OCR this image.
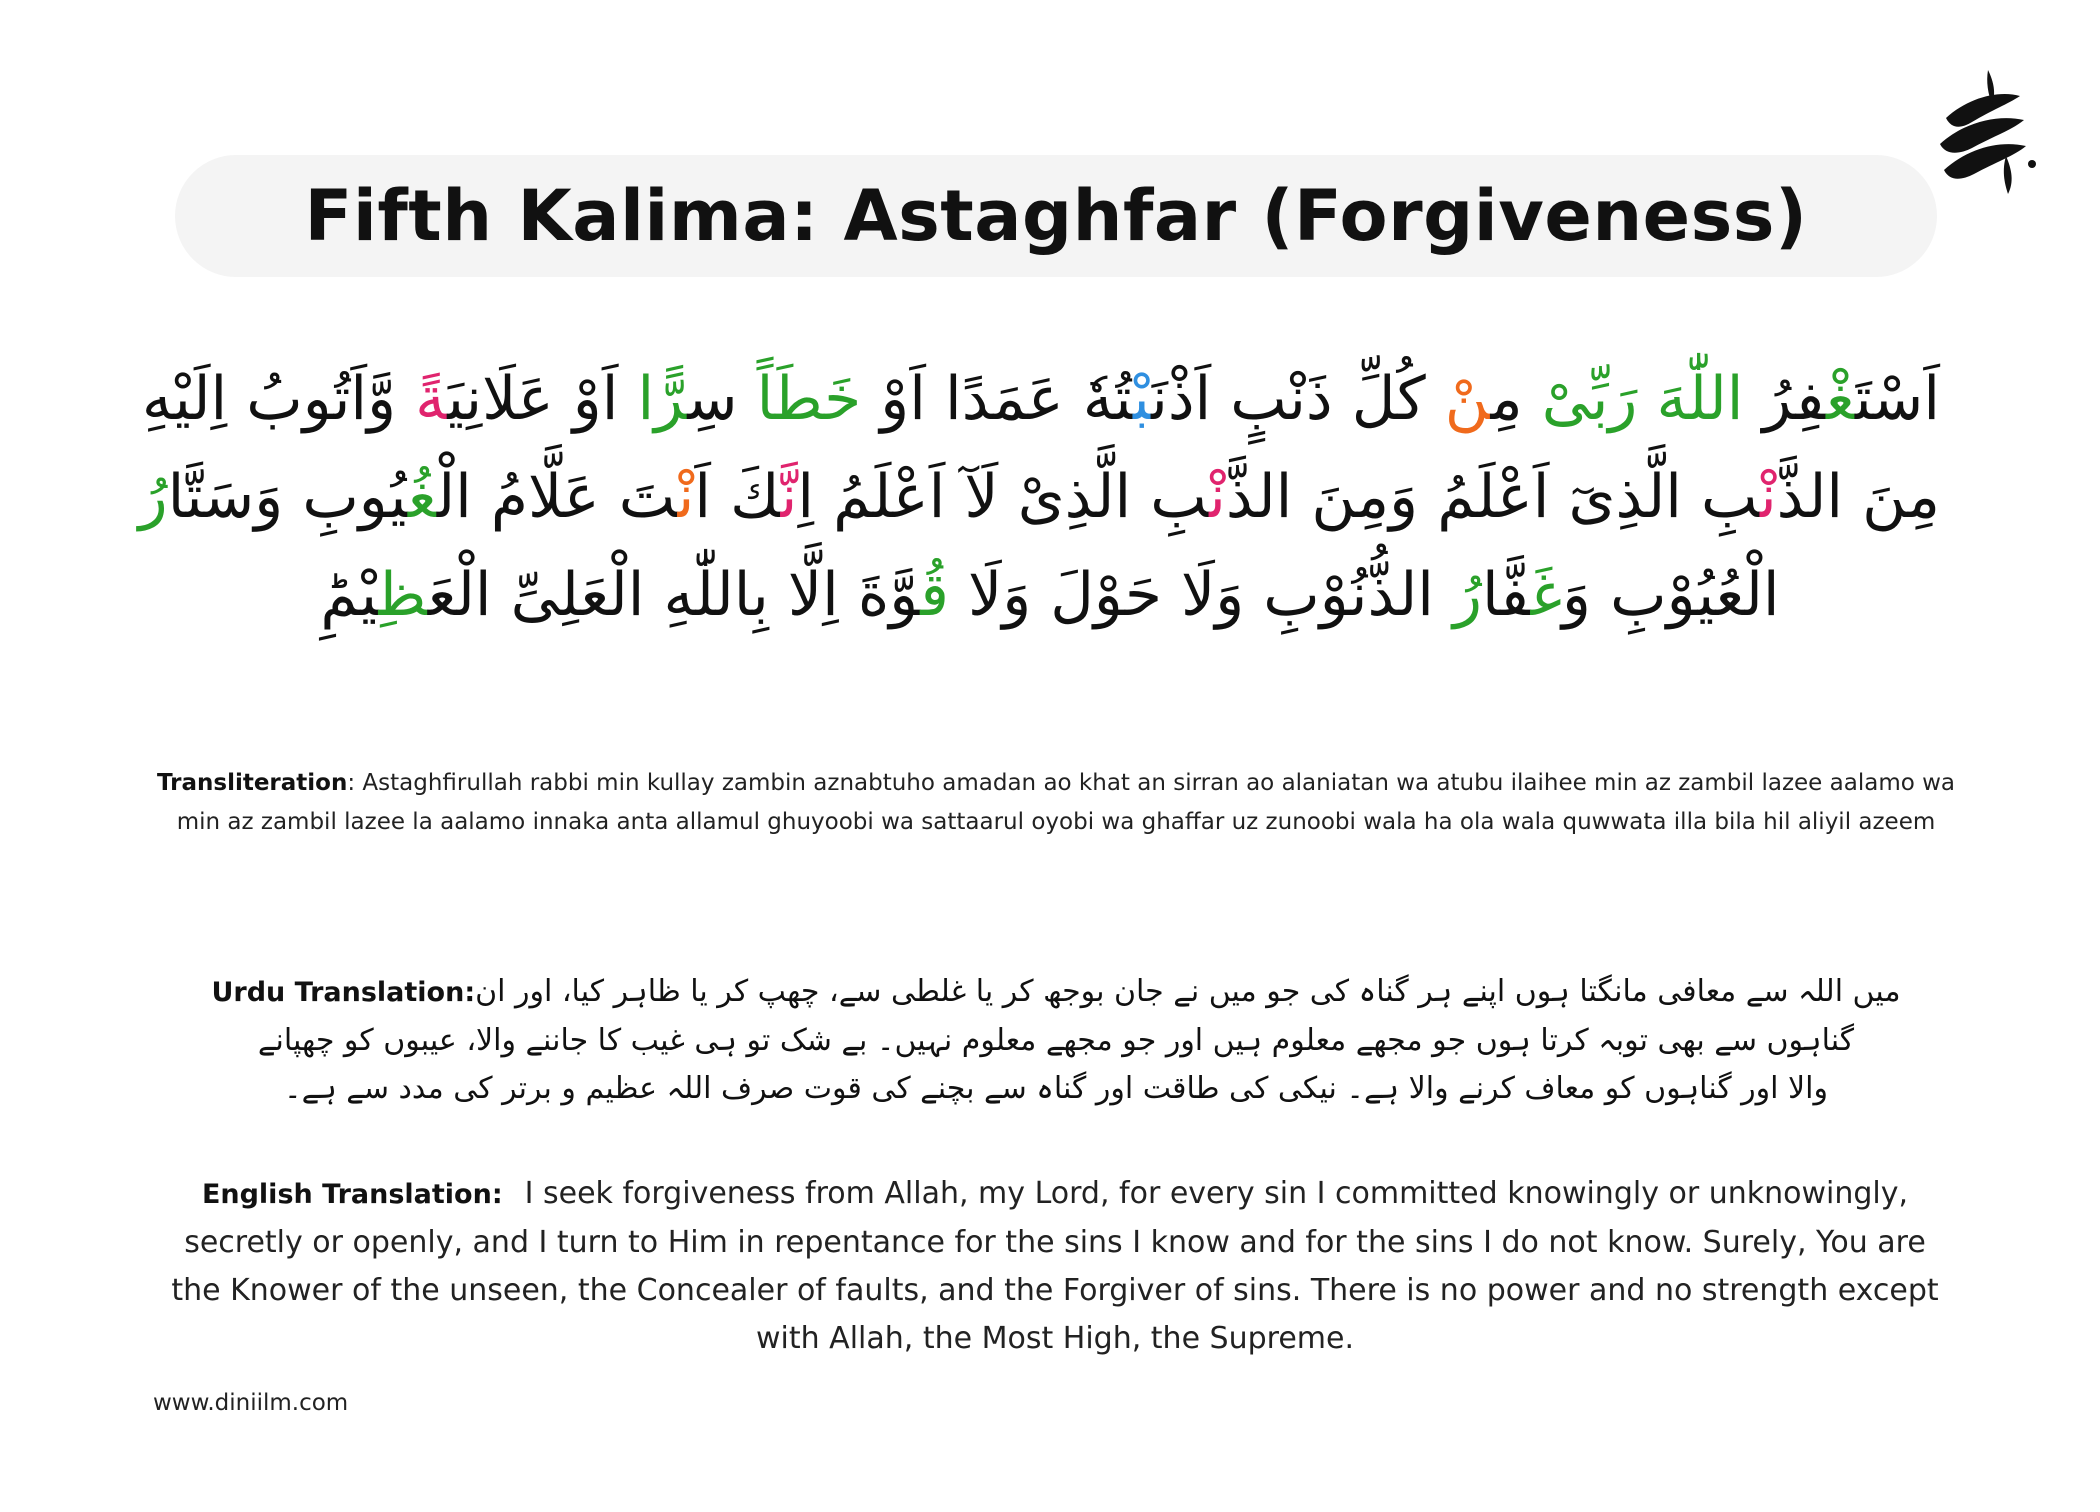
Fifth Kalima: Astaghfar (Forgiveness)
اَسْتَغْفِرُ اللّٰهَ رَبِّىْ مِنْ كُلِّ ذَنْبٍ اَذْنَبْتُهٗ عَمَدًا اَوْ خَطَاً سِرًّا اَوْ عَلَانِيَةً وَّاَتُوبُ اِلَيْهِ
مِنَ الذَّنْبِ الَّذِىٓ اَعْلَمُ وَمِنَ الذَّنْبِ الَّذِىْ لَآ اَعْلَمُ اِنَّكَ اَنْتَ عَلَّامُ الْغُيُوبِ وَسَتَّارُ
الْعُيُوْبِ وَغَفَّارُ الذُّنُوْبِ وَلَا حَوْلَ وَلَا قُوَّةَ اِلَّا بِاللّٰهِ الْعَلِىِّ الْعَظِيْمِؕ
Transliteration: Astaghfirullah rabbi min kullay zambin aznabtuho amadan ao khat an sirran ao alaniatan wa atubu ilaihee min az zambil lazee aalamo wa min az zambil lazee la aalamo innaka anta allamul ghuyoobi wa sattaarul oyobi wa ghaffar uz zunoobi wala ha ola wala quwwata illa bila hil aliyil azeem
میں اللہ سے معافی مانگتا ہوں اپنے ہر گناہ کی جو میں نے جان بوجھ کر یا غلطی سے، چھپ کر یا ظاہر کیا، اور انUrdu Translation:
گناہوں سے بھی توبہ کرتا ہوں جو مجھے معلوم ہیں اور جو مجھے معلوم نہیں۔ بے شک تو ہی غیب کا جاننے والا، عیبوں کو چھپانے
والا اور گناہوں کو معاف کرنے والا ہے۔ نیکی کی طاقت اور گناہ سے بچنے کی قوت صرف اللہ عظیم و برتر کی مدد سے ہے۔
English Translation: I seek forgiveness from Allah, my Lord, for every sin I committed knowingly or unknowingly, secretly or openly, and I turn to Him in repentance for the sins I know and for the sins I do not know. Surely, You are the Knower of the unseen, the Concealer of faults, and the Forgiver of sins. There is no power and no strength except with Allah, the Most High, the Supreme.
www.diniilm.com
